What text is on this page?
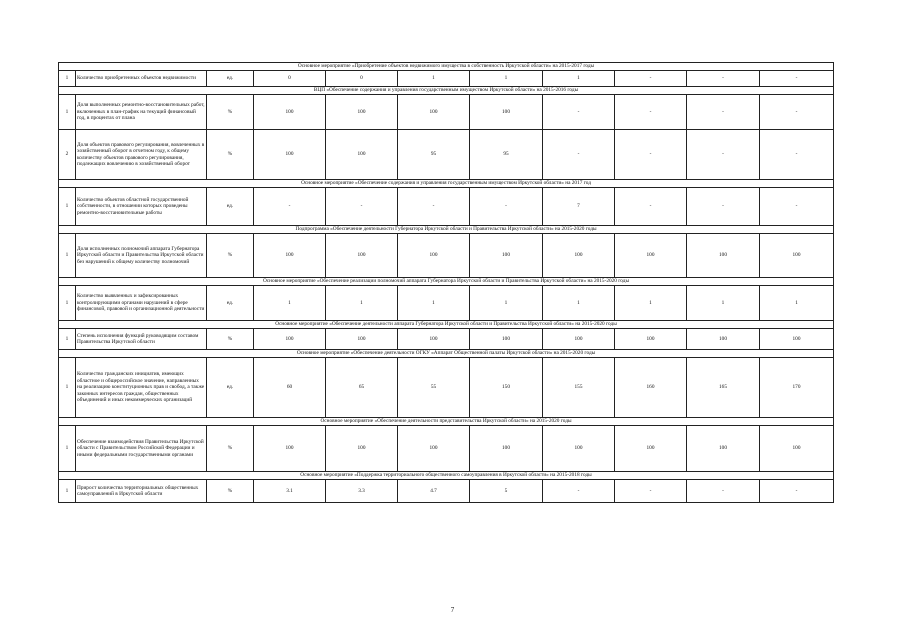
Основное мероприятие «Приобретение объектов недвижимого имущества в собственность Иркутской области» на 2015-2017 годы										
1	Количество приобретенных объектов недвижимости	ед.	0	0	1	1	1	-	-	-
ВЦП «Обеспечение содержания и управления государственным имуществом Иркутской области» на 2015-2016 годы										
1	Доля выполненных ремонтно-восстановительных работ, включенных в план-график на текущий финансовый год, в процентах от плана	%	100	100	100	100	-	-	-	-
2	Доля объектов правового регулирования, вовлеченных в хозяйственный оборот в отчетном году, к общему количеству объектов правового регулирования, подлежащих вовлечению в хозяйственный оборот	%	100	100	95	95	-	-	-	-
Основное мероприятие «Обеспечение содержания и управления государственным имуществом Иркутской области» на 2017 год										
1	Количество объектов областной государственной собственности, в отношении которых проведены ремонтно-восстановительные работы	ед.	-	-	-	-	7	-	-	-
Подпрограмма «Обеспечение деятельности Губернатора Иркутской области и Правительства Иркутской области» на 2015-2020 годы										
1	Доля исполненных полномочий аппарата Губернатора Иркутской области и Правительства Иркутской области без нарушений к общему количеству полномочий	%	100	100	100	100	100	100	100	100
Основное мероприятие «Обеспечение реализации полномочий аппарата Губернатора Иркутской области и Правительства Иркутской области» на 2015-2020 годы										
1	Количество выявленных и зафиксированных контролирующими органами нарушений в сфере финансовой, правовой и организационной деятельности	ед.	1	1	1	1	1	1	1	1
Основное мероприятие «Обеспечение деятельности аппарата Губернатора Иркутской области и Правительства Иркутской области» на 2015-2020 годы										
1	Степень исполнения функций руководящим составом Правительства Иркутской области	%	100	100	100	100	100	100	100	100
Основное мероприятие «Обеспечение деятельности ОГКУ «Аппарат Общественной палаты Иркутской области» на 2015-2020 годы										
1	Количество гражданских инициатив, имеющих областное и общероссийское значение, направленных на реализацию конституционных прав и свобод, а также законных интересов граждан, общественных объединений и иных некоммерческих организаций	ед.	60	65	55	150	155	160	165	170
Основное мероприятие «Обеспечение деятельности представительства Иркутской области» на 2015-2020 годы										
1	Обеспечение взаимодействия Правительства Иркутской области с Правительством Российской Федерации и иными федеральными государственными органами	%	100	100	100	100	100	100	100	100
Основное мероприятие «Поддержка территориального общественного самоуправления в Иркутской области» на 2015-2018 годы										
1	Прирост количества территориальных общественных самоуправлений в Иркутской области	%	3.1	3.3	4.7	5	-	-	-	-
7
